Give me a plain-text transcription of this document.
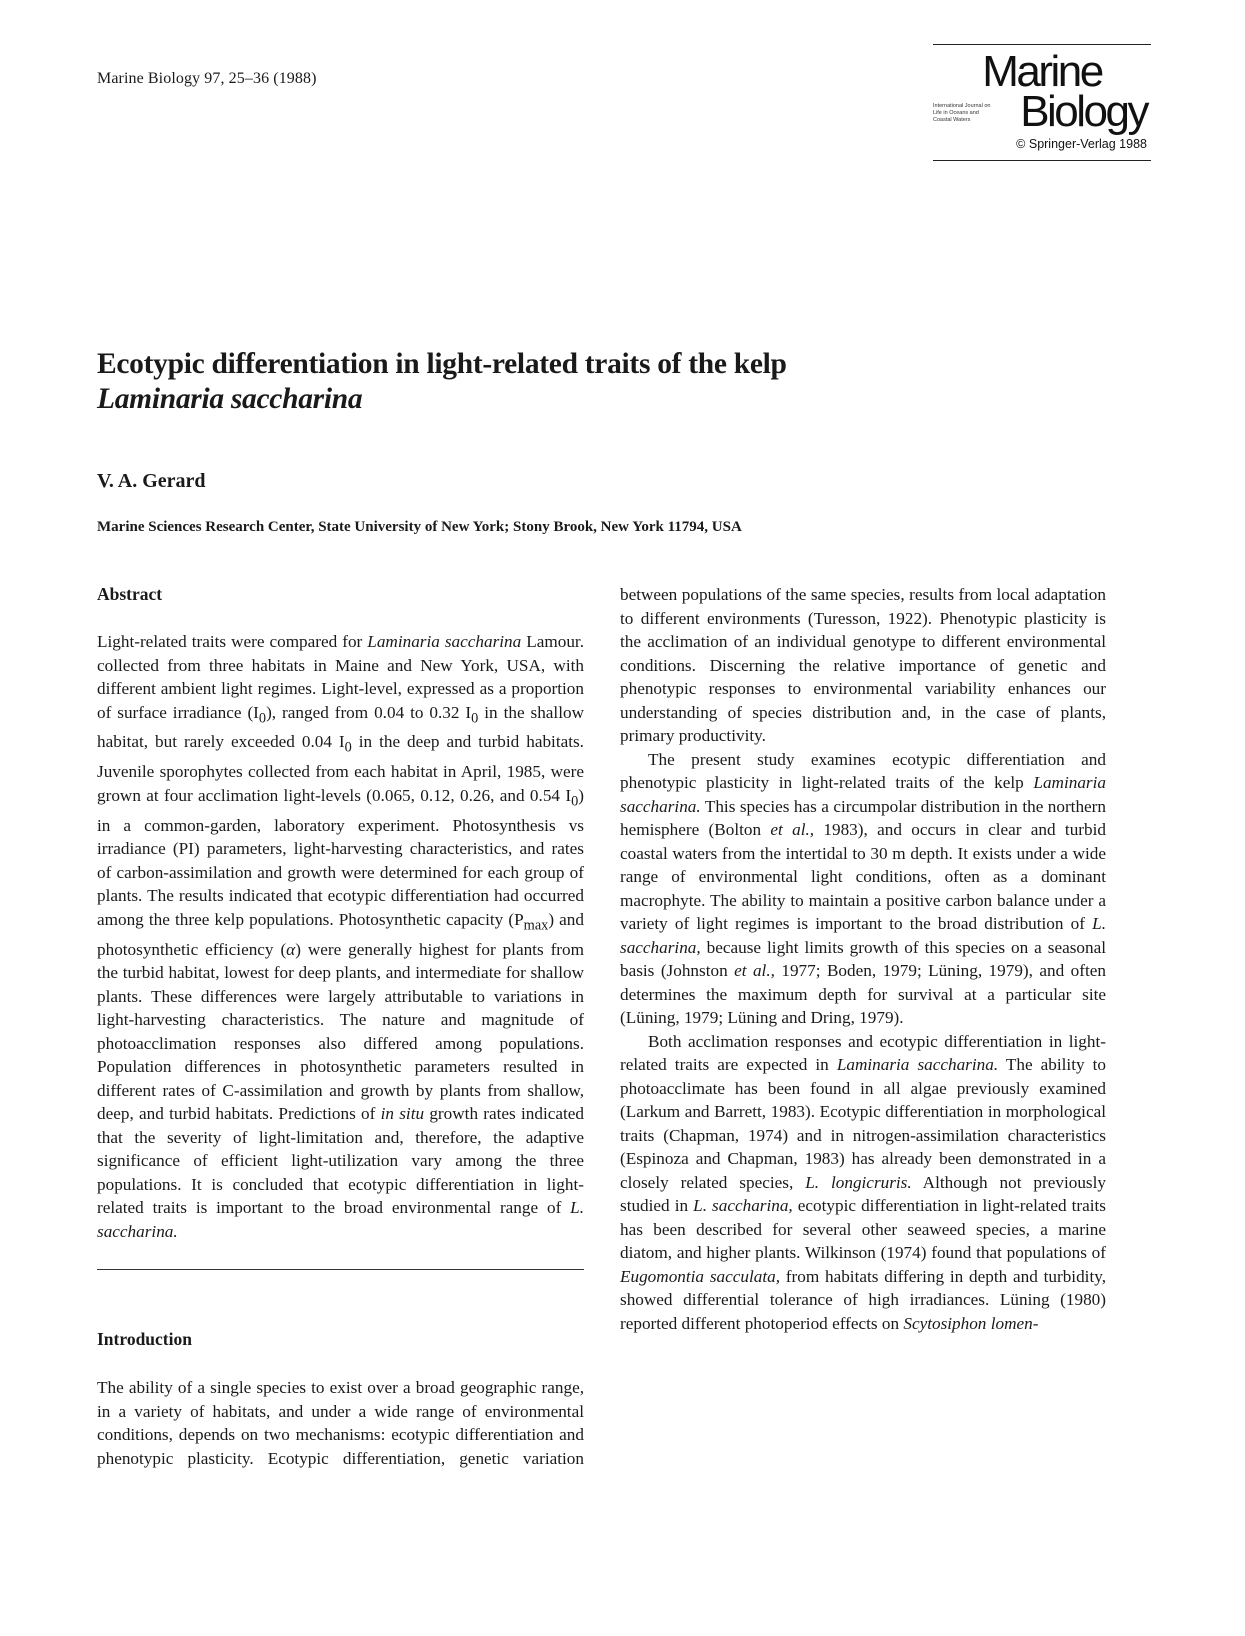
Marine Biology 97, 25–36 (1988)	Marine
International Journal on Life in Oceans and Coastal Waters	Biology
© Springer-Verlag 1988
Ecotypic differentiation in light-related traits of the kelp
Laminaria saccharina
V. A. Gerard
Marine Sciences Research Center, State University of New York; Stony Brook, New York 11794, USA
Abstract

Light-related traits were compared for Laminaria saccharina Lamour. collected from three habitats in Maine and New York, USA, with different ambient light regimes. Light-level, expressed as a proportion of surface irradiance $(I_0)$, ranged from 0.04 to 0.32 $I_0$ in the shallow habitat, but rarely exceeded 0.04 $I_0$ in the deep and turbid habitats. Juvenile sporophytes collected from each habitat in April, 1985, were grown at four acclimation light-levels (0.065, 0.12, 0.26, and 0.54 $I_0$) in a common-garden, laboratory experiment. Photosynthesis vs irradiance (PI) parameters, light-harvesting characteristics, and rates of carbon-assimilation and growth were determined for each group of plants. The results indicated that ecotypic differentiation had occurred among the three kelp populations. Photosynthetic capacity $(P_{max})$ and photosynthetic efficiency (α) were generally highest for plants from the turbid habitat, lowest for deep plants, and intermediate for shallow plants. These differences were largely attributable to variations in light-harvesting characteristics. The nature and magnitude of photoacclimation responses also differed among populations. Population differences in photosynthetic parameters resulted in different rates of C-assimilation and growth by plants from shallow, deep, and turbid habitats. Predictions of in situ growth rates indicated that the severity of light-limitation and, therefore, the adaptive significance of efficient light-utilization vary among the three populations. It is concluded that ecotypic differentiation in light-related traits is important to the broad environmental range of L. saccharina.

Introduction

The ability of a single species to exist over a broad geographic range, in a variety of habitats, and under a wide range of environmental conditions, depends on two mechanisms: ecotypic differentiation and phenotypic plasticity. Ecotypic differentiation, genetic variation

between populations of the same species, results from local adaptation to different environments (Turesson, 1922). Phenotypic plasticity is the acclimation of an individual genotype to different environmental conditions. Discerning the relative importance of genetic and phenotypic responses to environmental variability enhances our understanding of species distribution and, in the case of plants, primary productivity.

The present study examines ecotypic differentiation and phenotypic plasticity in light-related traits of the kelp Laminaria saccharina. This species has a circumpolar distribution in the northern hemisphere (Bolton et al., 1983), and occurs in clear and turbid coastal waters from the intertidal to 30 m depth. It exists under a wide range of environmental light conditions, often as a dominant macrophyte. The ability to maintain a positive carbon balance under a variety of light regimes is important to the broad distribution of L. saccharina, because light limits growth of this species on a seasonal basis (Johnston et al., 1977; Boden, 1979; Lüning, 1979), and often determines the maximum depth for survival at a particular site (Lüning, 1979; Lüning and Dring, 1979).

Both acclimation responses and ecotypic differentiation in light-related traits are expected in Laminaria saccharina. The ability to photoacclimate has been found in all algae previously examined (Larkum and Barrett, 1983). Ecotypic differentiation in morphological traits (Chapman, 1974) and in nitrogen-assimilation characteristics (Espinoza and Chapman, 1983) has already been demonstrated in a closely related species, L. longicruris. Although not previously studied in L. saccharina, ecotypic differentiation in light-related traits has been described for several other seaweed species, a marine diatom, and higher plants. Wilkinson (1974) found that populations of Eugomontia sacculata, from habitats differing in depth and turbidity, showed differential tolerance of high irradiances. Lüning (1980) reported different photoperiod effects on Scytosiphon lomen-
